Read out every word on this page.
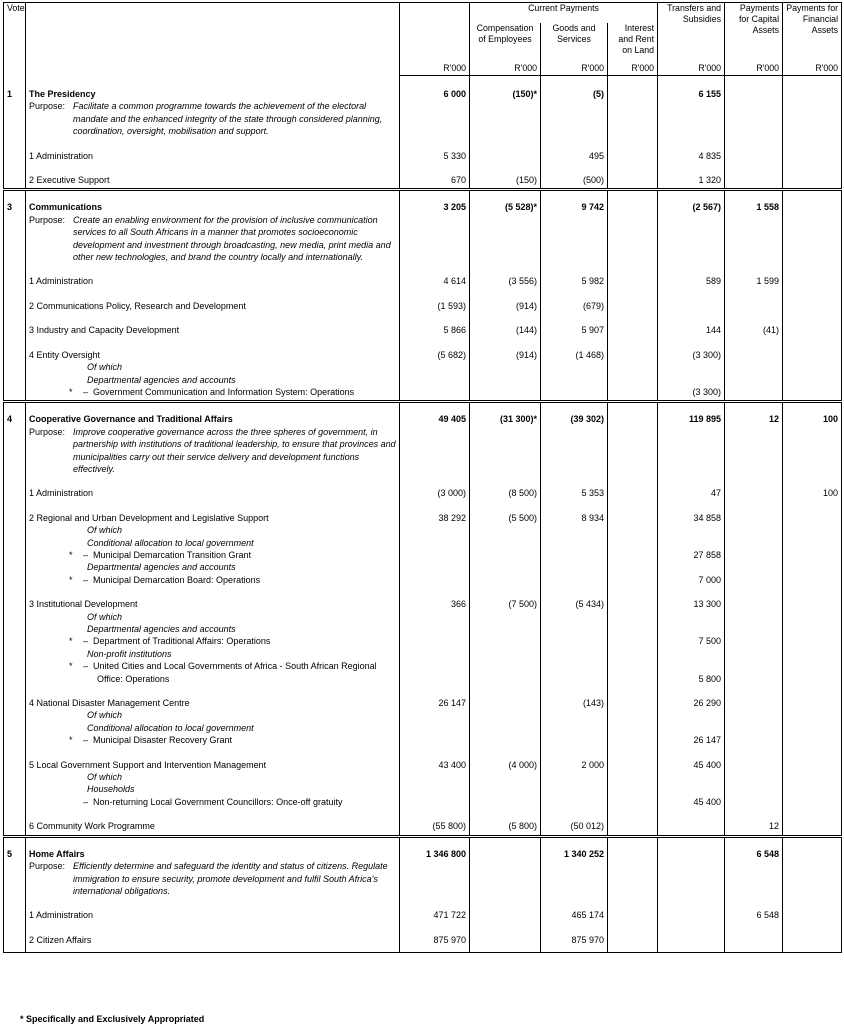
Vote			Current Payments			Transfers and Subsidies	Payments for Capital Assets	Payments for Financial Assets
			Compensation of Employees	Goods and Services	Interest and Rent on Land			
		R'000	R'000	R'000	R'000	R'000	R'000	R'000

1	The Presidency	6 000	(150)*	(5)		6 155		

	Purpose: Facilitate a common programme towards the achievement of the electoral mandate and the enhanced integrity of the state through considered planning, coordination, oversight, mobilisation and support.							

	1 Administration	5 330		495		4 835		

	2 Executive Support	670	(150)	(500)		1 320		

3	Communications	3 205	(5 528)*	9 742		(2 567)	1 558	

	Purpose: Create an enabling environment for the provision of inclusive communication services to all South Africans in a manner that promotes socioeconomic development and investment through broadcasting, new media, print media and other new technologies, and brand the country locally and internationally.							

	1 Administration	4 614	(3 556)	5 982		589	1 599	

	2 Communications Policy, Research and Development	(1 593)	(914)	(679)				

	3 Industry and Capacity Development	5 866	(144)	5 907		144	(41)	

	4 Entity Oversight	(5 682)	(914)	(1 468)		(3 300)		
	Of which							
	Departmental agencies and accounts							
	* – Government Communication and Information System: Operations					(3 300)		

4	Cooperative Governance and Traditional Affairs	49 405	(31 300)*	(39 302)		119 895	12	100

	Purpose: Improve cooperative governance across the three spheres of government, in partnership with institutions of traditional leadership, to ensure that provinces and municipalities carry out their service delivery and development functions effectively.							

	1 Administration	(3 000)	(8 500)	5 353		47		100

	2 Regional and Urban Development and Legislative Support	38 292	(5 500)	8 934		34 858		
	Of which							
	Conditional allocation to local government							
	* – Municipal Demarcation Transition Grant					27 858		
	Departmental agencies and accounts							
	* – Municipal Demarcation Board: Operations					7 000		

	3 Institutional Development	366	(7 500)	(5 434)		13 300		
	Of which							
	Departmental agencies and accounts							
	* – Department of Traditional Affairs: Operations					7 500		
	Non-profit institutions							
	* – United Cities and Local Governments of Africa - South African Regional							
	Office: Operations					5 800		

	4 National Disaster Management Centre	26 147		(143)		26 290		
	Of which							
	Conditional allocation to local government							
	* – Municipal Disaster Recovery Grant					26 147		

	5 Local Government Support and Intervention Management	43 400	(4 000)	2 000		45 400		
	Of which							
	Households							
	– Non-returning Local Government Councillors: Once-off gratuity					45 400		

	6 Community Work Programme	(55 800)	(5 800)	(50 012)			12	

5	Home Affairs	1 346 800		1 340 252			6 548	

	Purpose: Efficiently determine and safeguard the identity and status of citizens. Regulate immigration to ensure security, promote development and fulfil South Africa's international obligations.							

	1 Administration	471 722		465 174			6 548	

	2 Citizen Affairs	875 970		875 970				

* Specifically and Exclusively Appropriated
